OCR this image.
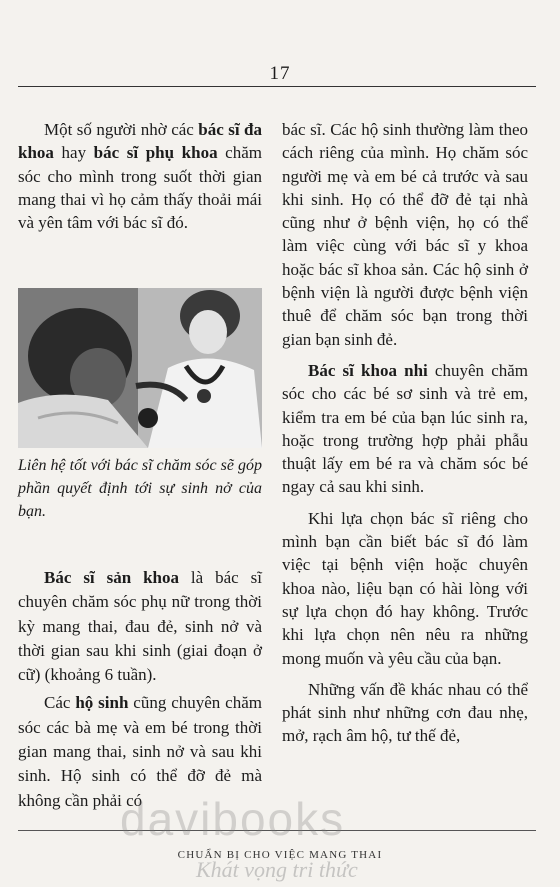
17

Một số người nhờ các bác sĩ đa khoa hay bác sĩ phụ khoa chăm sóc cho mình trong suốt thời gian mang thai vì họ cảm thấy thoải mái và yên tâm với bác sĩ đó.

Liên hệ tốt với bác sĩ chăm sóc sẽ góp phần quyết định tới sự sinh nở của bạn.

Bác sĩ sản khoa là bác sĩ chuyên chăm sóc phụ nữ trong thời kỳ mang thai, đau đẻ, sinh nở và thời gian sau khi sinh (giai đoạn ở cữ) (khoảng 6 tuần).

Các hộ sinh cũng chuyên chăm sóc các bà mẹ và em bé trong thời gian mang thai, sinh nở và sau khi sinh. Hộ sinh có thể đỡ đẻ mà không cần phải có

bác sĩ. Các hộ sinh thường làm theo cách riêng của mình. Họ chăm sóc người mẹ và em bé cả trước và sau khi sinh. Họ có thể đỡ đẻ tại nhà cũng như ở bệnh viện, họ có thể làm việc cùng với bác sĩ y khoa hoặc bác sĩ khoa sản. Các hộ sinh ở bệnh viện là người được bệnh viện thuê để chăm sóc bạn trong thời gian bạn sinh đẻ.

Bác sĩ khoa nhi chuyên chăm sóc cho các bé sơ sinh và trẻ em, kiểm tra em bé của bạn lúc sinh ra, hoặc trong trường hợp phải phẫu thuật lấy em bé ra và chăm sóc bé ngay cả sau khi sinh.

Khi lựa chọn bác sĩ riêng cho mình bạn cần biết bác sĩ đó làm việc tại bệnh viện hoặc chuyên khoa nào, liệu bạn có hài lòng với sự lựa chọn đó hay không. Trước khi lựa chọn nên nêu ra những mong muốn và yêu cầu của bạn.

Những vấn đề khác nhau có thể phát sinh như những cơn đau nhẹ, mở, rạch âm hộ, tư thế đẻ,

davibooks
CHUẨN BỊ CHO VIỆC MANG THAI
Khát vọng tri thức
